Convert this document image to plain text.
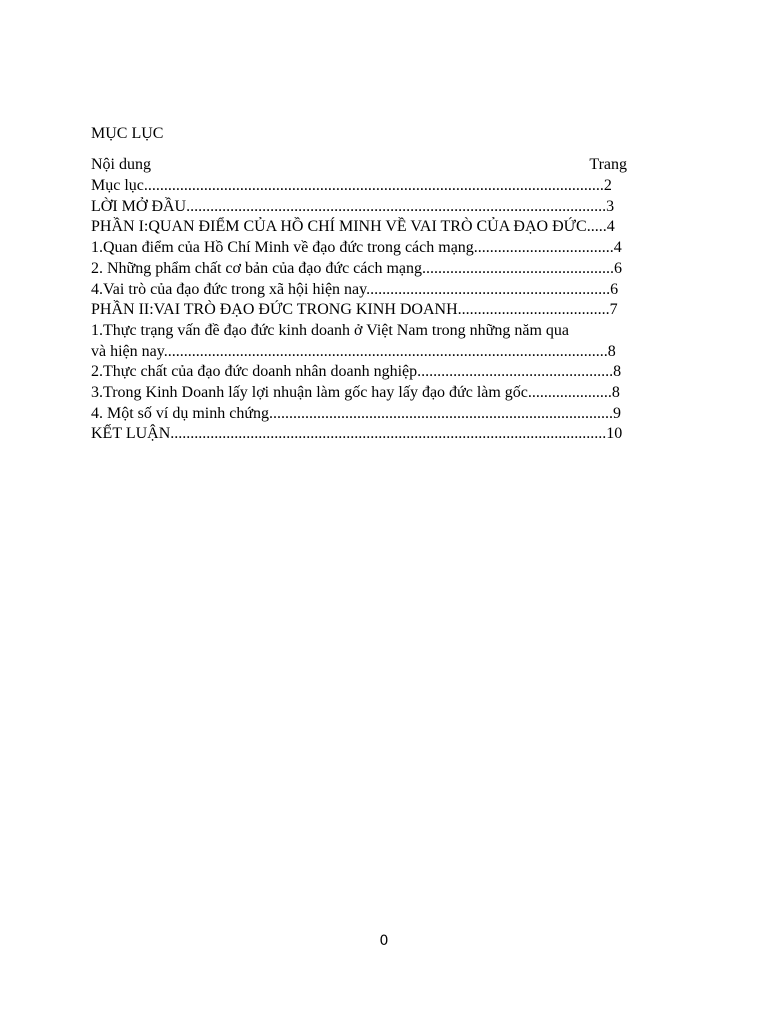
MỤC LỤC
Nội dung	Trang
Mục lục...................................................................................................................2
LỜI MỞ ĐẦU.........................................................................................................3
PHẦN I:QUAN ĐIỂM CỦA HỒ CHÍ MINH VỀ VAI TRÒ CỦA ĐẠO ĐỨC.....4
1.Quan điểm của Hồ Chí Minh về đạo đức trong cách mạng...................................4
2. Những phẩm chất cơ bản của đạo đức cách mạng................................................6
4.Vai trò của đạo đức trong xã hội hiện nay.............................................................6
PHẦN II:VAI TRÒ ĐẠO ĐỨC TRONG KINH DOANH......................................7
1.Thực trạng vấn đề đạo đức kinh doanh ở Việt Nam trong những năm qua
và hiện nay...............................................................................................................8
2.Thực chất của đạo đức doanh nhân doanh nghiệp.................................................8
3.Trong Kinh Doanh lấy lợi nhuận làm gốc hay lấy đạo đức làm gốc.....................8
4. Một số ví dụ minh chứng......................................................................................9
KẾT LUẬN.............................................................................................................10
0
